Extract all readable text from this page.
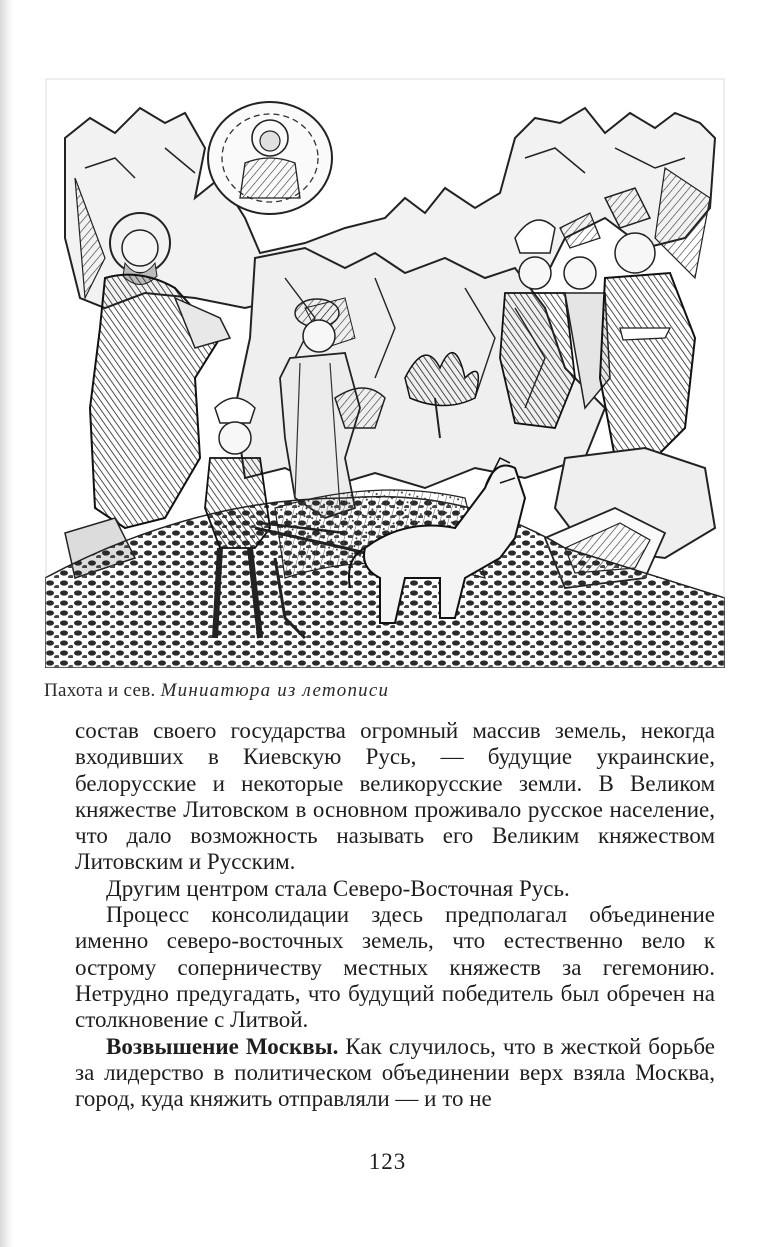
Пахота и сев. Миниатюра из летописи

состав своего государства огромный массив земель, некогда входивших в Киевскую Русь, — будущие украинские, белорусские и некоторые великорусские земли. В Великом княжестве Литовском в основном проживало русское население, что дало возможность называть его Великим княжеством Литовским и Русским.

Другим центром стала Северо-Восточная Русь.

Процесс консолидации здесь предполагал объединение именно северо-восточных земель, что естественно вело к острому соперничеству местных княжеств за гегемонию. Нетрудно предугадать, что будущий победитель был обречен на столкновение с Литвой.

Возвышение Москвы. Как случилось, что в жесткой борьбе за лидерство в политическом объединении верх взяла Москва, город, куда княжить отправляли — и то не

123
